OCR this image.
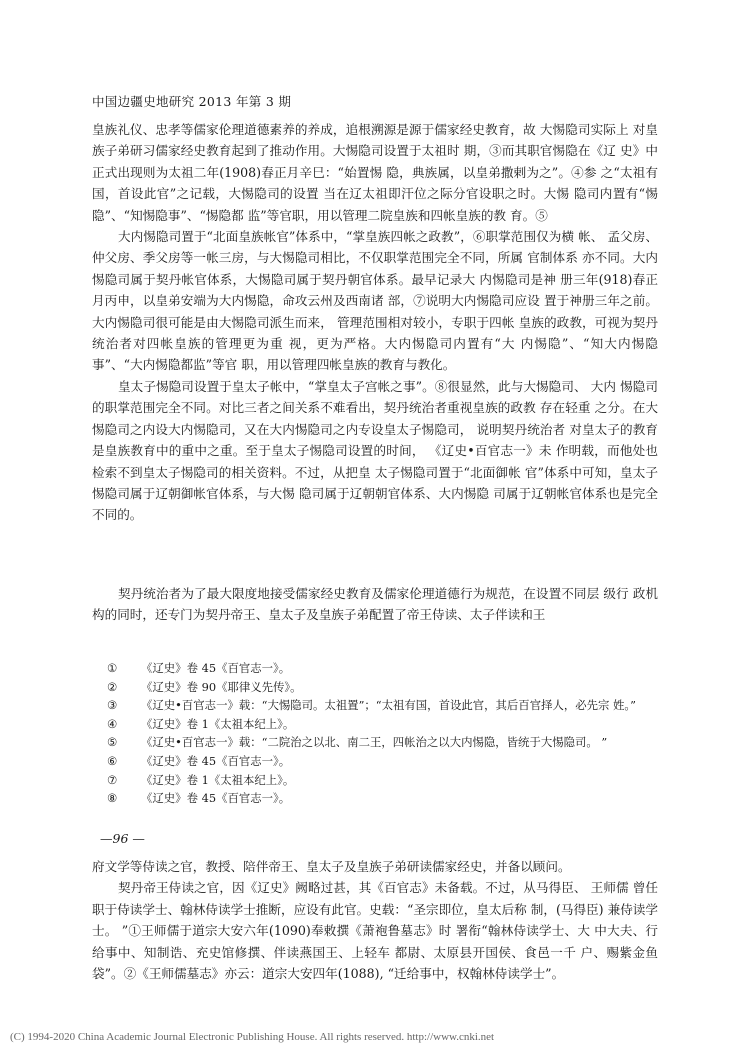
中国边疆史地研究 2013 年第 3 期

皇族礼仪、忠孝等儒家伦理道德素养的养成，追根溯源是源于儒家经史教育，故 大惕隐司实际上 对皇族子弟研习儒家经史教育起到了推动作用。大惕隐司设置于太祖时 期，③而其职官惕隐在《辽 史》中正式出现则为太祖二年(1908)春正月辛巳：“始置惕 隐，典族属，以皇弟撒剌为之”。④参 之“太祖有国，首设此官”之记载，大惕隐司的设置 当在辽太祖即汗位之际分官设职之时。大惕 隐司内置有“惕隐”、“知惕隐事”、“惕隐都 监”等官职，用以管理二院皇族和四帐皇族的教 育。⑤

大内惕隐司置于“北面皇族帐官”体系中，“掌皇族四帐之政教”，⑥职掌范围仅为横 帐、 孟父房、仲父房、季父房等一帐三房，与大惕隐司相比，不仅职掌范围完全不同，所属 官制体系 亦不同。大内惕隐司属于契丹帐官体系，大惕隐司属于契丹朝官体系。最早记录大 内惕隐司是神 册三年(918)春正月丙申，以皇弟安端为大内惕隐，命攻云州及西南诸 部，⑦说明大内惕隐司应设 置于神册三年之前。大内惕隐司很可能是由大惕隐司派生而来， 管理范围相对较小，专职于四帐 皇族的政教，可视为契丹统治者对四帐皇族的管理更为重 视，更为严格。大内惕隐司内置有“大 内惕隐”、“知大内惕隐事”、“大内惕隐都监”等官 职，用以管理四帐皇族的教育与教化。

皇太子惕隐司设置于皇太子帐中，“掌皇太子宫帐之事”。⑧很显然，此与大惕隐司、 大内 惕隐司的职掌范围完全不同。对比三者之间关系不难看出，契丹统治者重视皇族的政教 存在轻重 之分。在大惕隐司之内设大内惕隐司，又在大内惕隐司之内专设皇太子惕隐司， 说明契丹统治者 对皇太子的教育是皇族教育中的重中之重。至于皇太子惕隐司设置的时间， 《辽史•百官志一》未 作明载，而他处也检索不到皇太子惕隐司的相关资料。不过，从把皇 太子惕隐司置于“北面御帐 官”体系中可知，皇太子惕隐司属于辽朝御帐官体系，与大惕 隐司属于辽朝朝官体系、大内惕隐 司属于辽朝帐官体系也是完全不同的。

契丹统治者为了最大限度地接受儒家经史教育及儒家伦理道德行为规范，在设置不同层 级行 政机构的同时，还专门为契丹帝王、皇太子及皇族子弟配置了帝王侍读、太子伴读和王

①	《辽史》卷 45《百官志一》。
②	《辽史》卷 90《耶律义先传》。
③	《辽史•百官志一》载：“大惕隐司。太祖置”；“太祖有国，首设此官，其后百官择人，必先宗 姓。”
④	《辽史》卷 1《太祖本纪上》。
⑤	《辽史•百官志一》载：“二院治之以北、南二王，四帐治之以大内惕隐，皆统于大惕隐司。 ”
⑥	《辽史》卷 45《百官志一》。
⑦	《辽史》卷 1《太祖本纪上》。
⑧	《辽史》卷 45《百官志一》。
—96 —

府文学等侍读之官，教授、陪伴帝王、皇太子及皇族子弟研读儒家经史，并备以顾问。

契丹帝王侍读之官，因《辽史》阙略过甚，其《百官志》未备载。不过，从马得臣、 王师儒 曾任职于侍读学士、翰林侍读学士推断，应设有此官。史载：“圣宗即位，皇太后称 制，(马得臣) 兼侍读学士。 ”①王师儒于道宗大安六年(1090)奉敕撰《萧袍鲁墓志》时 署衔“翰林侍读学士、大 中大夫、行给事中、知制诰、充史馆修撰、伴读燕国王、上轻车 都尉、太原县开国侯、食邑一千 户、赐紫金鱼袋”。②《王师儒墓志》亦云：道宗大安四年(1088), “迁给事中，权翰林侍读学士”。

(C) 1994-2020 China Academic Journal Electronic Publishing House. All rights reserved. http://www.cnki.net
